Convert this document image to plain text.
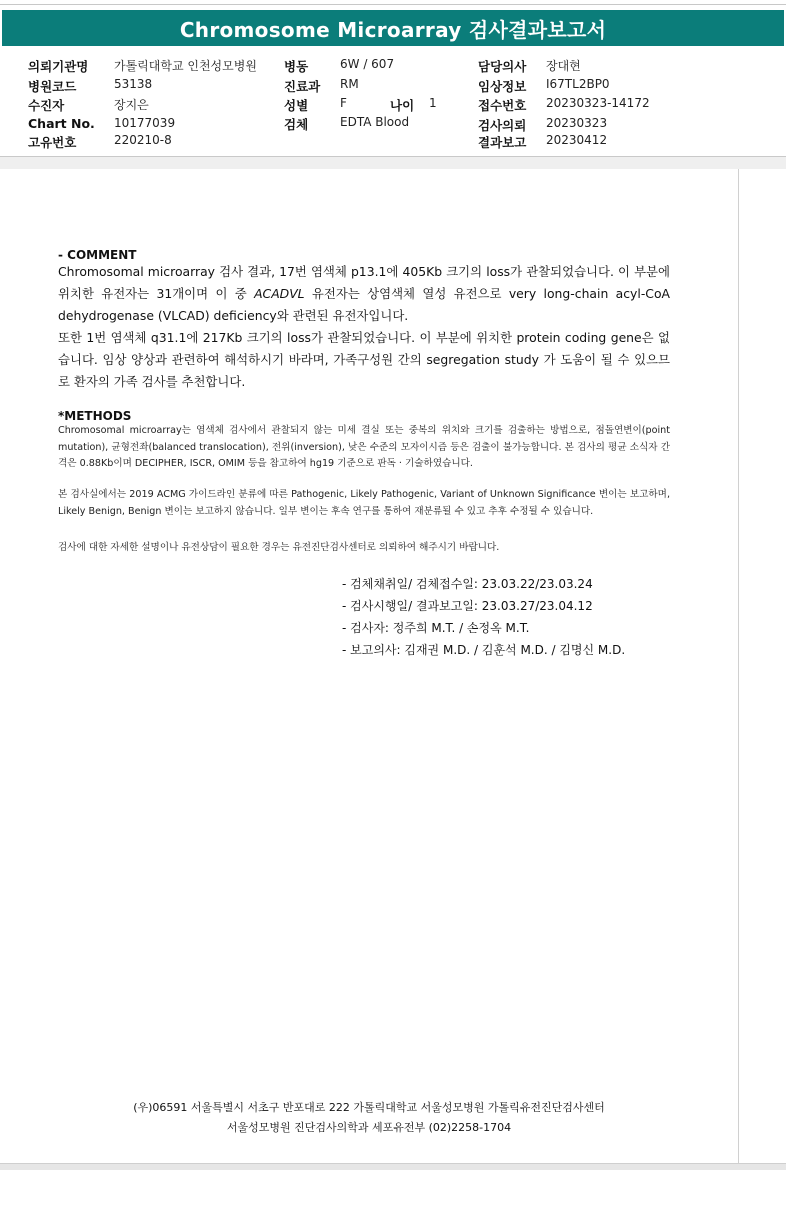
Chromosome Microarray 검사결과보고서
의뢰기관명 가톨릭대학교 인천성모병원
병원코드	53138
수진자	장지은
Chart No. 10177039
고유번호	220210-8
병동	6W / 607
진료과 RM
성별	F	나이 1
검체	EDTA Blood
담당의사 장대현
임상정보 I67TL2BP0
접수번호 20230323-14172
검사의뢰 20230323
결과보고 20230412
- COMMENT

Chromosomal microarray 검사 결과, 17번 염색체 p13.1에 405Kb 크기의 loss가 관찰되었습니다. 이 부분에 위치한 유전자는 31개이며 이 중 ACADVL 유전자는 상염색체 열성 유전으로 very long-chain acyl-CoA dehydrogenase (VLCAD) deficiency와 관련된 유전자입니다.

또한 1번 염색체 q31.1에 217Kb 크기의 loss가 관찰되었습니다. 이 부분에 위치한 protein coding gene은 없습니다. 임상 양상과 관련하여 해석하시기 바라며, 가족구성원 간의 segregation study 가 도움이 될 수 있으므로 환자의 가족 검사를 추천합니다.

*METHODS

Chromosomal microarray는 염색체 검사에서 관찰되지 않는 미세 결실 또는 중복의 위치와 크기를 검출하는 방법으로, 점돌연변이(point mutation), 균형전좌(balanced translocation), 전위(inversion), 낮은 수준의 모자이시즘 등은 검출이 불가능합니다. 본 검사의 평균 소식자 간격은 0.88Kb이며 DECIPHER, ISCR, OMIM 등을 참고하여 hg19 기준으로 판독 · 기술하였습니다.

본 검사실에서는 2019 ACMG 가이드라인 분류에 따른 Pathogenic, Likely Pathogenic, Variant of Unknown Significance 변이는 보고하며, Likely Benign, Benign 변이는 보고하지 않습니다. 일부 변이는 후속 연구를 통하여 재분류될 수 있고 추후 수정될 수 있습니다.

검사에 대한 자세한 설명이나 유전상담이 필요한 경우는 유전진단검사센터로 의뢰하여 해주시기 바랍니다.

- 검체채취일/ 검체접수일: 23.03.22/23.03.24
- 검사시행일/ 결과보고일: 23.03.27/23.04.12
- 검사자: 정주희 M.T. / 손정옥 M.T.
- 보고의사: 김재권 M.D. / 김훈석 M.D. / 김명신 M.D.
(우)06591 서울특별시 서초구 반포대로 222 가톨릭대학교 서울성모병원 가톨릭유전진단검사센터
서울성모병원 진단검사의학과 세포유전부 (02)2258-1704
